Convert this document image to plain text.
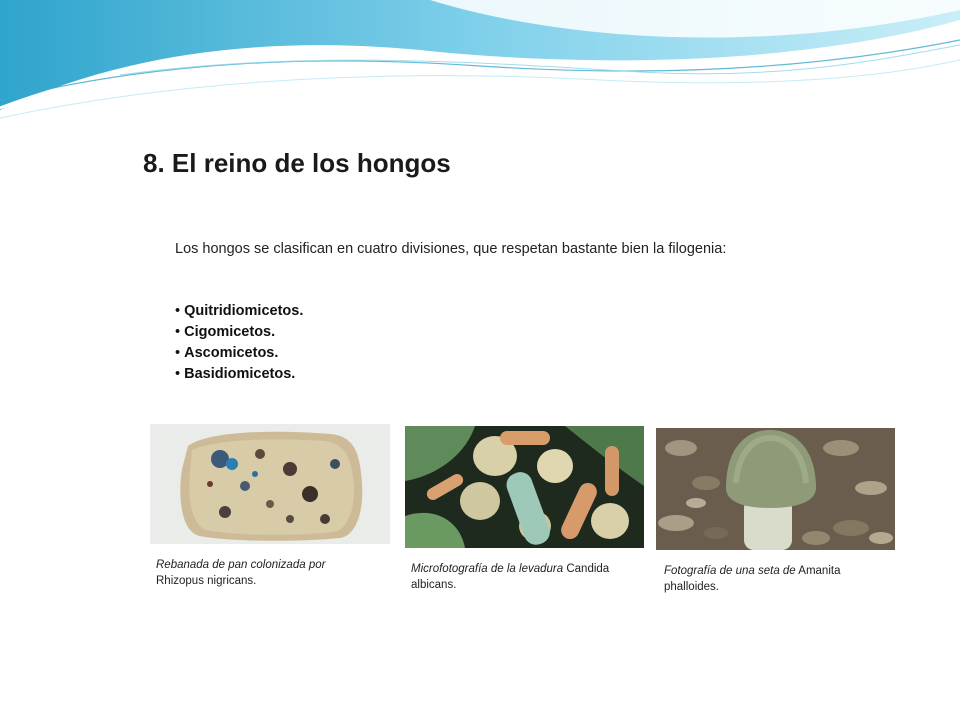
8. El reino de los hongos

Los hongos se clasifican en cuatro divisiones, que respetan bastante bien la filogenia:

• Quitridiomicetos.
• Cigomicetos.
• Ascomicetos.
• Basidiomicetos.

Rebanada de pan colonizada por Rhizopus nigricans.

Microfotografía de la levadura Candida albicans.

Fotografía de una seta de Amanita phalloides.
